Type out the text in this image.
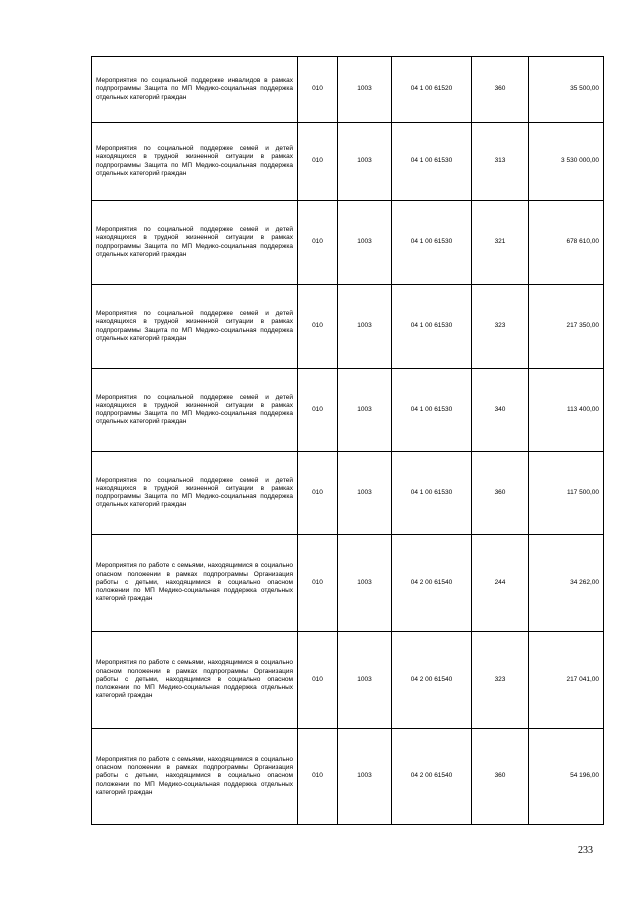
Мероприятия по социальной поддержке инвалидов в рамках подпрограммы Защита по МП Медико-социальная поддержка отдельных категорий граждан	010	1003	04 1 00 61520	360	35 500,00
Мероприятия по социальной поддержке семей и детей находящихся в трудной жизненной ситуации в рамках подпрограммы Защита по МП Медико-социальная поддержка отдельных категорий граждан	010	1003	04 1 00 61530	313	3 530 000,00
Мероприятия по социальной поддержке семей и детей находящихся в трудной жизненной ситуации в рамках подпрограммы Защита по МП Медико-социальная поддержка отдельных категорий граждан	010	1003	04 1 00 61530	321	678 610,00
Мероприятия по социальной поддержке семей и детей находящихся в трудной жизненной ситуации в рамках подпрограммы Защита по МП Медико-социальная поддержка отдельных категорий граждан	010	1003	04 1 00 61530	323	217 350,00
Мероприятия по социальной поддержке семей и детей находящихся в трудной жизненной ситуации в рамках подпрограммы Защита по МП Медико-социальная поддержка отдельных категорий граждан	010	1003	04 1 00 61530	340	113 400,00
Мероприятия по социальной поддержке семей и детей находящихся в трудной жизненной ситуации в рамках подпрограммы Защита по МП Медико-социальная поддержка отдельных категорий граждан	010	1003	04 1 00 61530	360	117 500,00
Мероприятия по работе с семьями, находящимися в социально опасном положении в рамках подпрограммы Организация работы с детьми, находящимися в социально опасном положении по МП Медико-социальная поддержка отдельных категорий граждан	010	1003	04 2 00 61540	244	34 262,00
Мероприятия по работе с семьями, находящимися в социально опасном положении в рамках подпрограммы Организация работы с детьми, находящимися в социально опасном положении по МП Медико-социальная поддержка отдельных категорий граждан	010	1003	04 2 00 61540	323	217 041,00
Мероприятия по работе с семьями, находящимися в социально опасном положении в рамках подпрограммы Организация работы с детьми, находящимися в социально опасном положении по МП Медико-социальная поддержка отдельных категорий граждан	010	1003	04 2 00 61540	360	54 196,00
233
